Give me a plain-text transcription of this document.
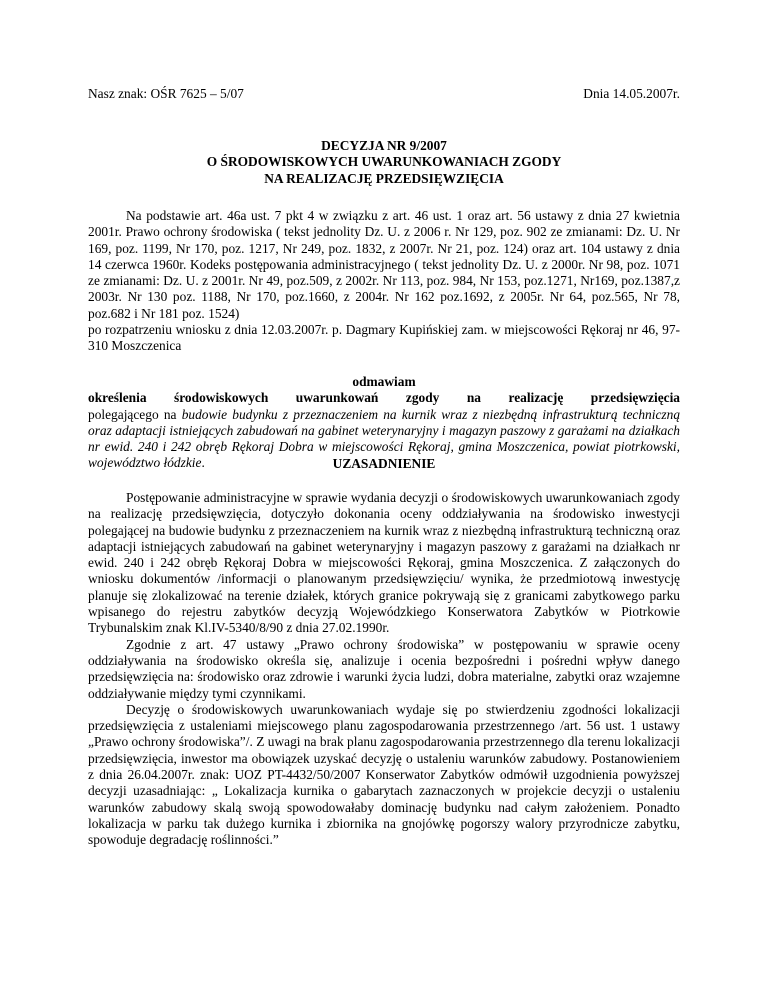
Nasz znak: OŚR 7625 – 5/07	Dnia 14.05.2007r.
DECYZJA NR 9/2007
O ŚRODOWISKOWYCH UWARUNKOWANIACH ZGODY
NA REALIZACJĘ PRZEDSIĘWZIĘCIA

Na podstawie art. 46a ust. 7 pkt 4 w związku z art. 46 ust. 1 oraz art. 56 ustawy z dnia 27 kwietnia 2001r. Prawo ochrony środowiska ( tekst jednolity Dz. U. z 2006 r. Nr 129, poz. 902 ze zmianami: Dz. U. Nr 169, poz. 1199, Nr 170, poz. 1217, Nr 249, poz. 1832, z 2007r. Nr 21, poz. 124) oraz art. 104 ustawy z dnia 14 czerwca 1960r. Kodeks postępowania administracyjnego ( tekst jednolity Dz. U. z 2000r. Nr 98, poz. 1071 ze zmianami: Dz. U. z 2001r. Nr 49, poz.509, z 2002r. Nr 113, poz. 984, Nr 153, poz.1271, Nr169, poz.1387,z 2003r. Nr 130 poz. 1188, Nr 170, poz.1660, z 2004r. Nr 162 poz.1692, z 2005r. Nr 64, poz.565, Nr 78, poz.682 i Nr 181 poz. 1524)

po rozpatrzeniu wniosku z dnia 12.03.2007r. p. Dagmary Kupińskiej zam. w miejscowości Rękoraj nr 46, 97-310 Moszczenica

odmawiam
określenia środowiskowych uwarunkowań zgody na realizację przedsięwzięcia
polegającego na budowie budynku z przeznaczeniem na kurnik wraz z niezbędną infrastrukturą techniczną oraz adaptacji istniejących zabudowań na gabinet weterynaryjny i magazyn paszowy z garażami na działkach nr ewid. 240 i 242 obręb Rękoraj Dobra w miejscowości Rękoraj, gmina Moszczenica, powiat piotrkowski, województwo łódzkie.	UZASADNIENIE

Postępowanie administracyjne w sprawie wydania decyzji o środowiskowych uwarunkowaniach zgody na realizację przedsięwzięcia, dotyczyło dokonania oceny oddziaływania na środowisko inwestycji polegającej na budowie budynku z przeznaczeniem na kurnik wraz z niezbędną infrastrukturą techniczną oraz adaptacji istniejących zabudowań na gabinet weterynaryjny i magazyn paszowy z garażami na działkach nr ewid. 240 i 242 obręb Rękoraj Dobra w miejscowości Rękoraj, gmina Moszczenica. Z załączonych do wniosku dokumentów /informacji o planowanym przedsięwzięciu/ wynika, że przedmiotową inwestycję planuje się zlokalizować na terenie działek, których granice pokrywają się z granicami zabytkowego parku wpisanego do rejestru zabytków decyzją Wojewódzkiego Konserwatora Zabytków w Piotrkowie Trybunalskim znak Kl.IV-5340/8/90 z dnia 27.02.1990r.

Zgodnie z art. 47 ustawy „Prawo ochrony środowiska” w postępowaniu w sprawie oceny oddziaływania na środowisko określa się, analizuje i ocenia bezpośredni i pośredni wpływ danego przedsięwzięcia na: środowisko oraz zdrowie i warunki życia ludzi, dobra materialne, zabytki oraz wzajemne oddziaływanie między tymi czynnikami.

Decyzję o środowiskowych uwarunkowaniach wydaje się po stwierdzeniu zgodności lokalizacji przedsięwzięcia z ustaleniami miejscowego planu zagospodarowania przestrzennego /art. 56 ust. 1 ustawy „Prawo ochrony środowiska”/. Z uwagi na brak planu zagospodarowania przestrzennego dla terenu lokalizacji przedsięwzięcia, inwestor ma obowiązek uzyskać decyzję o ustaleniu warunków zabudowy. Postanowieniem z dnia 26.04.2007r. znak: UOZ PT-4432/50/2007 Konserwator Zabytków odmówił uzgodnienia powyższej decyzji uzasadniając: „ Lokalizacja kurnika o gabarytach zaznaczonych w projekcie decyzji o ustaleniu warunków zabudowy skalą swoją spowodowałaby dominację budynku nad całym założeniem. Ponadto lokalizacja w parku tak dużego kurnika i zbiornika na gnojówkę pogorszy walory przyrodnicze zabytku, spowoduje degradację roślinności.”
